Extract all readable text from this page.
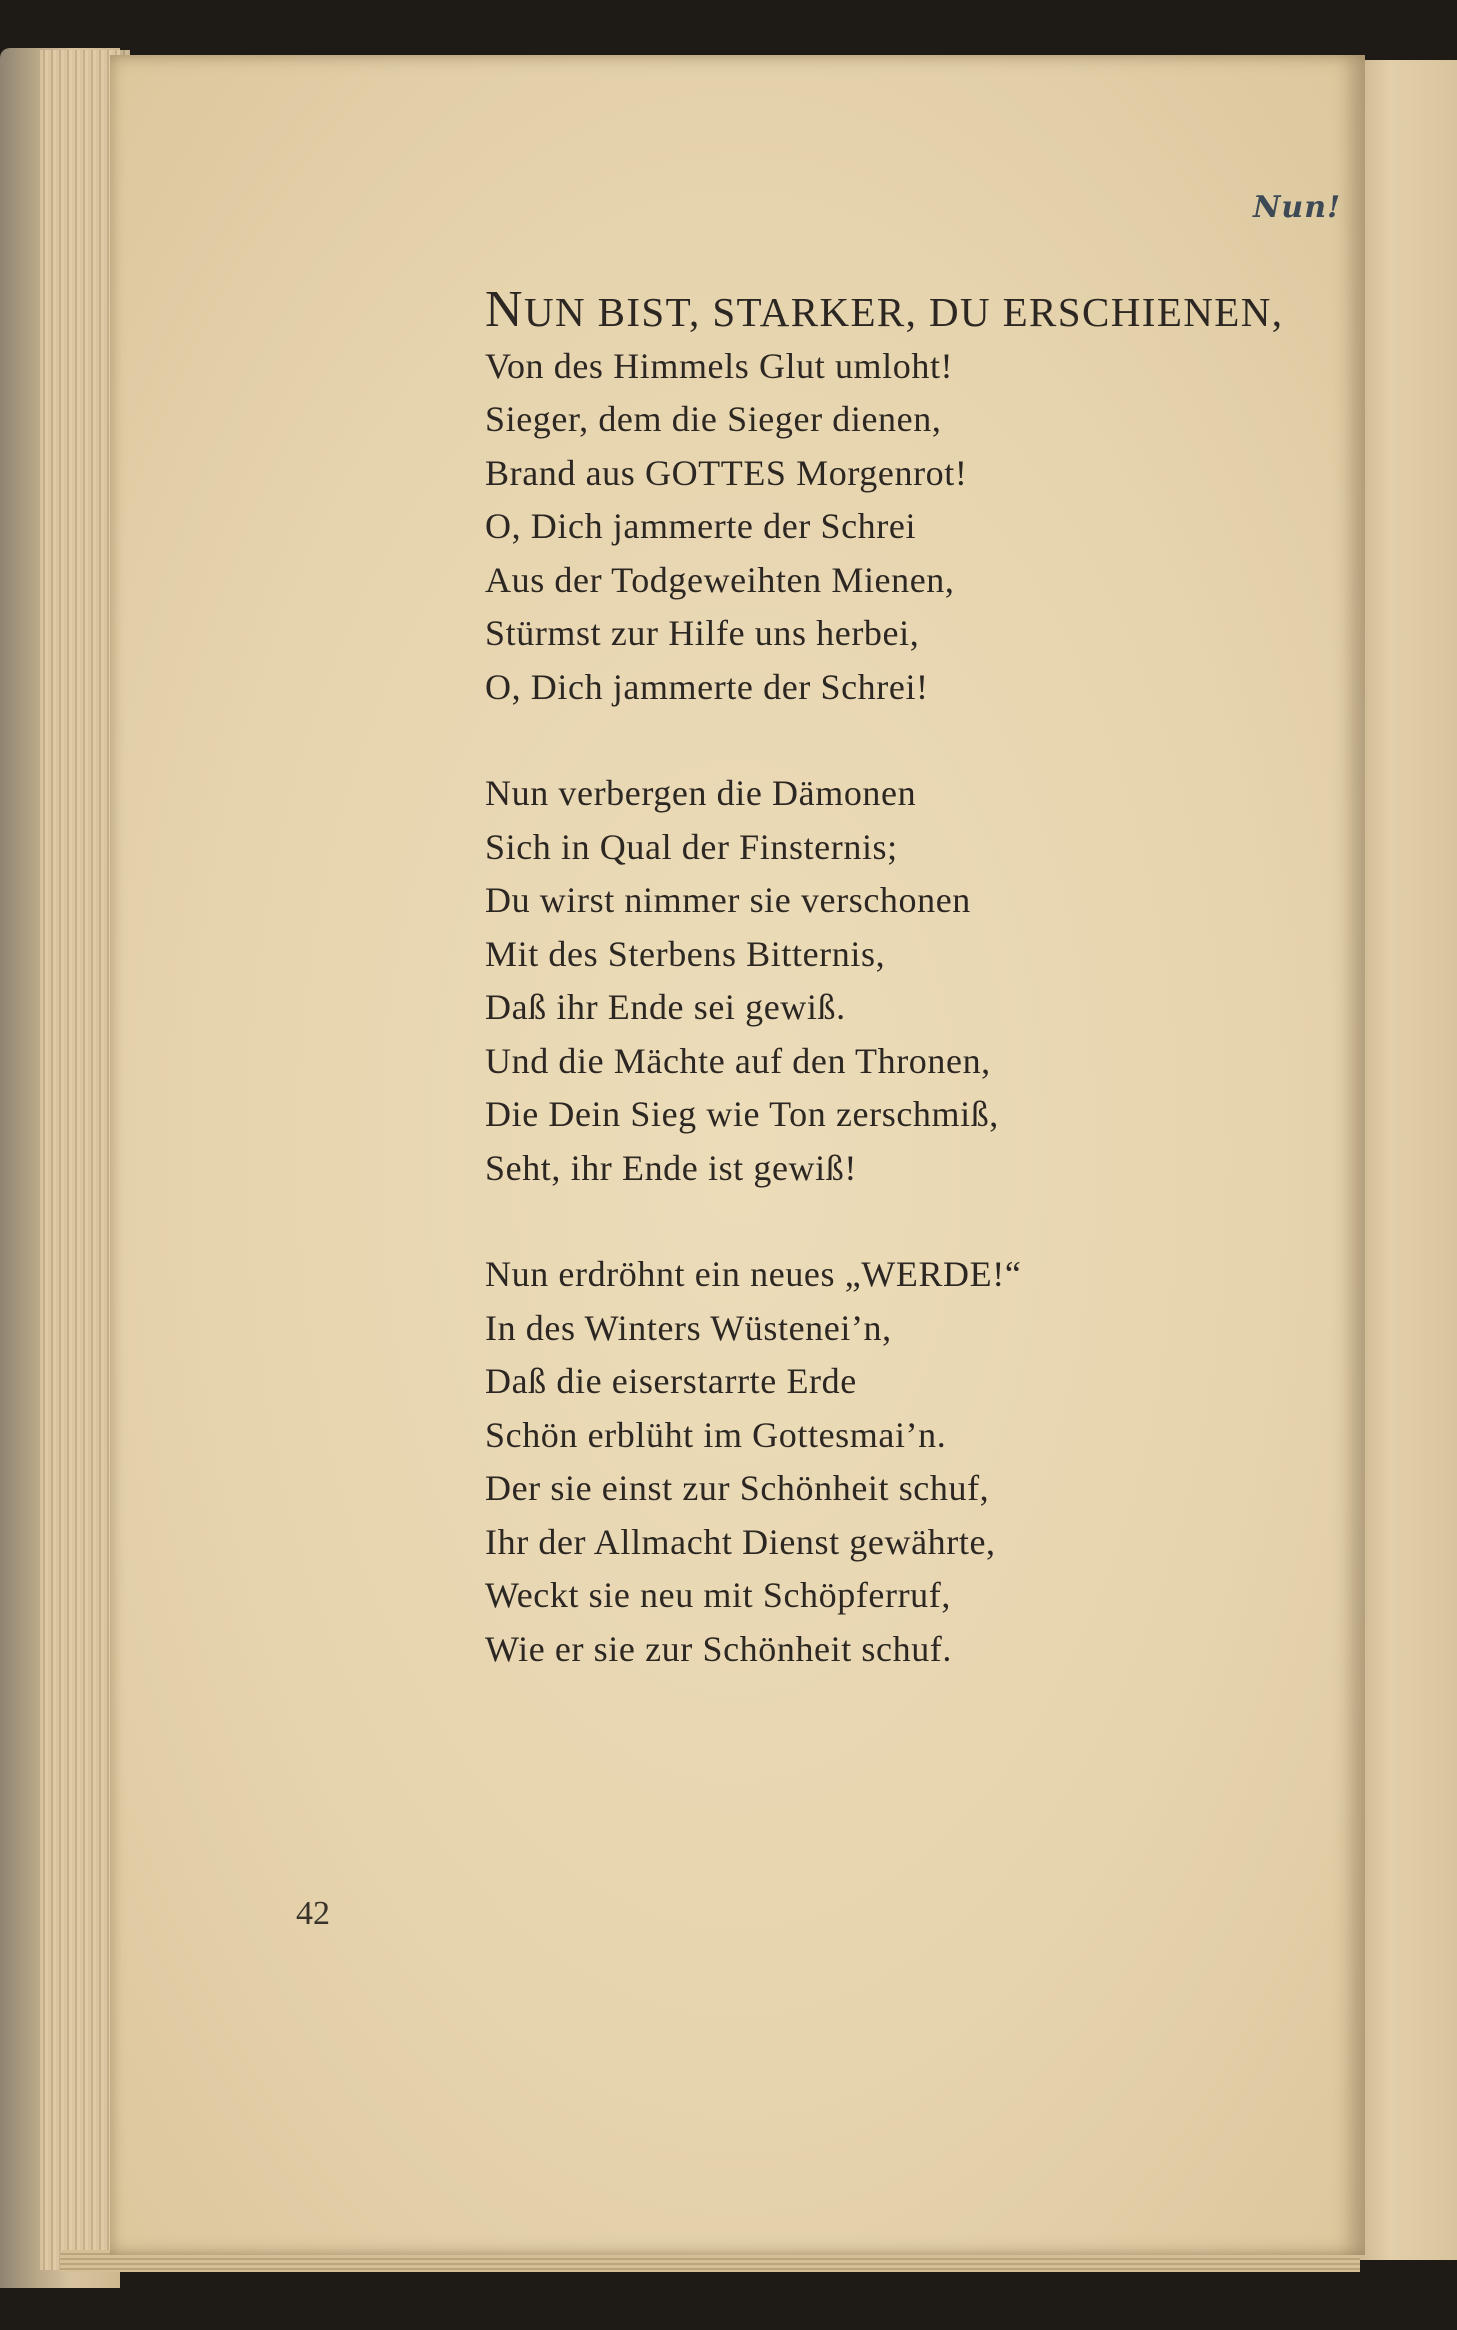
Nun!
NUN BIST, STARKER, DU ERSCHIENEN,
Von des Himmels Glut umloht!
Sieger, dem die Sieger dienen,
Brand aus GOTTES Morgenrot!
O, Dich jammerte der Schrei
Aus der Todgeweihten Mienen,
Stürmst zur Hilfe uns herbei,
O, Dich jammerte der Schrei!
Nun verbergen die Dämonen
Sich in Qual der Finsternis;
Du wirst nimmer sie verschonen
Mit des Sterbens Bitternis,
Daß ihr Ende sei gewiß.
Und die Mächte auf den Thronen,
Die Dein Sieg wie Ton zerschmiß,
Seht, ihr Ende ist gewiß!
Nun erdröhnt ein neues „WERDE!“
In des Winters Wüstenei’n,
Daß die eiserstarrte Erde
Schön erblüht im Gottesmai’n.
Der sie einst zur Schönheit schuf,
Ihr der Allmacht Dienst gewährte,
Weckt sie neu mit Schöpferruf,
Wie er sie zur Schönheit schuf.
42
